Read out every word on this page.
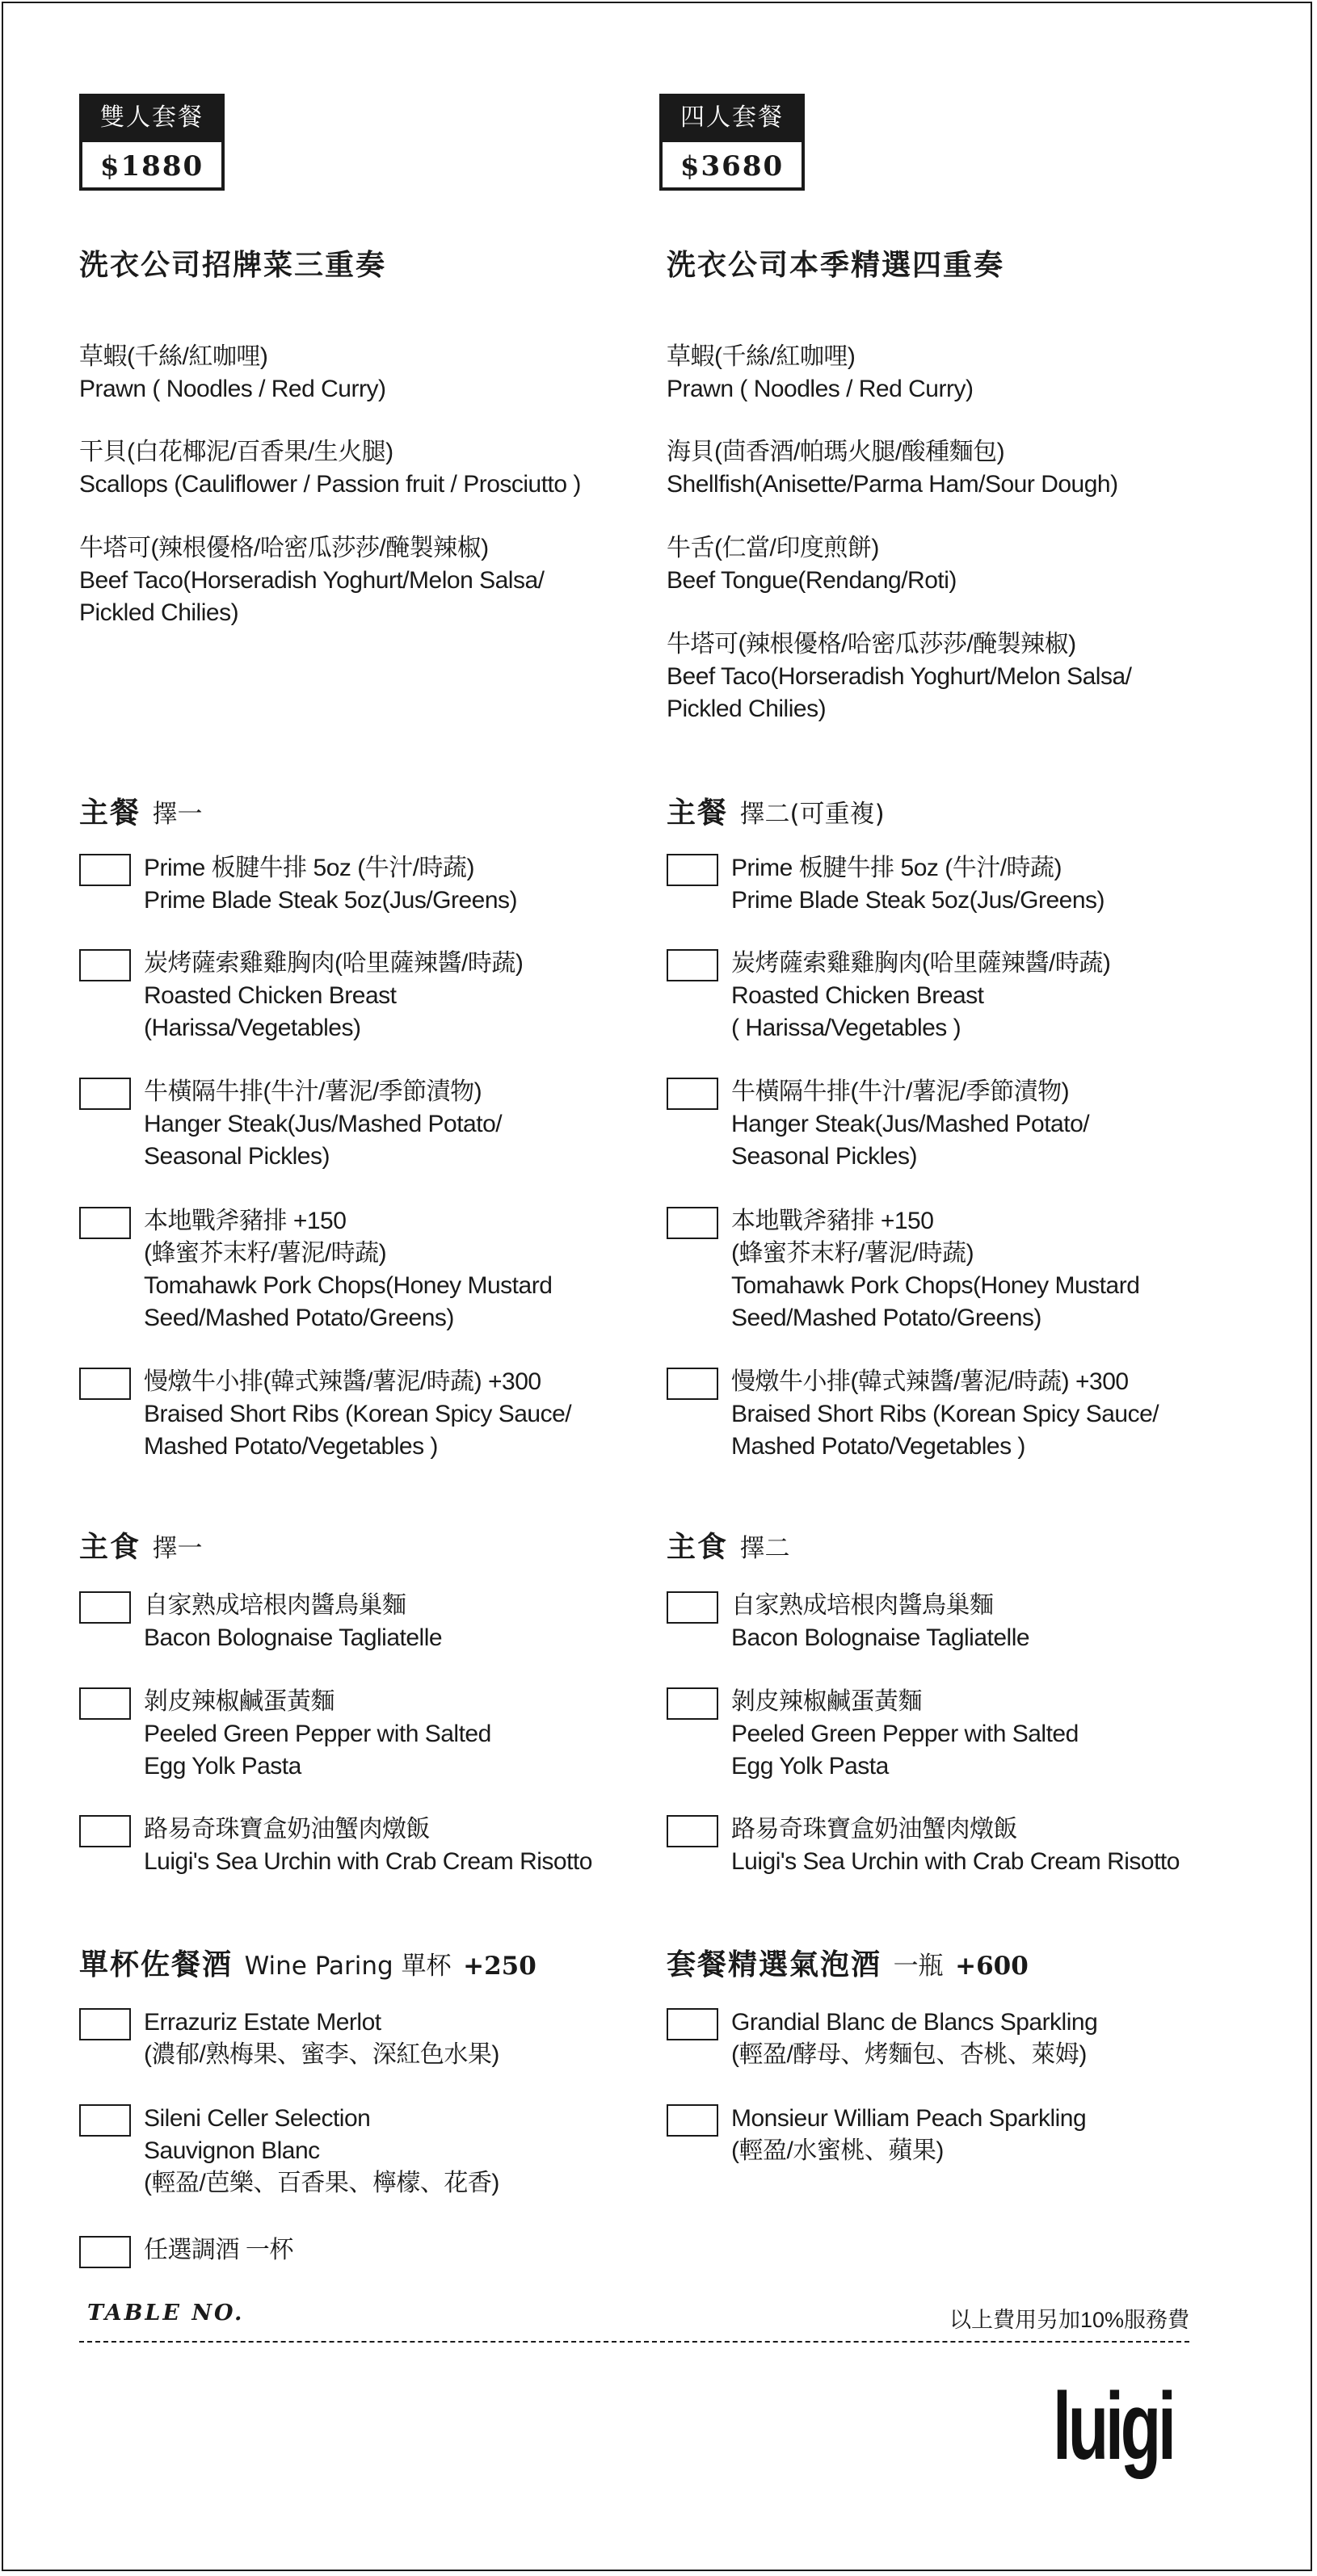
雙人套餐
$1880
洗衣公司招牌菜三重奏
草蝦(千絲/紅咖哩)
Prawn ( Noodles / Red Curry)
干貝(白花椰泥/百香果/生火腿)
Scallops (Cauliflower / Passion fruit / Prosciutto )
牛塔可(辣根優格/哈密瓜莎莎/醃製辣椒)
Beef Taco(Horseradish Yoghurt/Melon Salsa/
Pickled Chilies)
主餐 擇一
Prime 板腱牛排 5oz (牛汁/時蔬)
Prime Blade Steak 5oz(Jus/Greens)
炭烤薩索雞雞胸肉(哈里薩辣醬/時蔬)
Roasted Chicken Breast
(Harissa/Vegetables)
牛橫隔牛排(牛汁/薯泥/季節漬物)
Hanger Steak(Jus/Mashed Potato/
Seasonal Pickles)
本地戰斧豬排 +150
(蜂蜜芥末籽/薯泥/時蔬)
Tomahawk Pork Chops(Honey Mustard
Seed/Mashed Potato/Greens)
慢燉牛小排(韓式辣醬/薯泥/時蔬) +300
Braised Short Ribs (Korean Spicy Sauce/
Mashed Potato/Vegetables )
主食 擇一
自家熟成培根肉醬鳥巢麵
Bacon Bolognaise Tagliatelle
剝皮辣椒鹹蛋黃麵
Peeled Green Pepper with Salted
Egg Yolk Pasta
路易奇珠寶盒奶油蟹肉燉飯
Luigi's Sea Urchin with Crab Cream Risotto
單杯佐餐酒 Wine Paring 單杯 +250
Errazuriz Estate Merlot
(濃郁/熟梅果、蜜李、深紅色水果)
Sileni Celler Selection
Sauvignon Blanc
(輕盈/芭樂、百香果、檸檬、花香)
任選調酒 一杯
四人套餐
$3680
洗衣公司本季精選四重奏
草蝦(千絲/紅咖哩)
Prawn ( Noodles / Red Curry)
海貝(茴香酒/帕瑪火腿/酸種麵包)
Shellfish(Anisette/Parma Ham/Sour Dough)
牛舌(仁當/印度煎餅)
Beef Tongue(Rendang/Roti)
牛塔可(辣根優格/哈密瓜莎莎/醃製辣椒)
Beef Taco(Horseradish Yoghurt/Melon Salsa/
Pickled Chilies)
主餐 擇二(可重複)
Prime 板腱牛排 5oz (牛汁/時蔬)
Prime Blade Steak 5oz(Jus/Greens)
炭烤薩索雞雞胸肉(哈里薩辣醬/時蔬)
Roasted Chicken Breast
( Harissa/Vegetables )
牛橫隔牛排(牛汁/薯泥/季節漬物)
Hanger Steak(Jus/Mashed Potato/
Seasonal Pickles)
本地戰斧豬排 +150
(蜂蜜芥末籽/薯泥/時蔬)
Tomahawk Pork Chops(Honey Mustard
Seed/Mashed Potato/Greens)
慢燉牛小排(韓式辣醬/薯泥/時蔬) +300
Braised Short Ribs (Korean Spicy Sauce/
Mashed Potato/Vegetables )
主食 擇二
自家熟成培根肉醬鳥巢麵
Bacon Bolognaise Tagliatelle
剝皮辣椒鹹蛋黃麵
Peeled Green Pepper with Salted
Egg Yolk Pasta
路易奇珠寶盒奶油蟹肉燉飯
Luigi's Sea Urchin with Crab Cream Risotto
套餐精選氣泡酒 一瓶 +600
Grandial Blanc de Blancs Sparkling
(輕盈/酵母、烤麵包、杏桃、萊姆)
Monsieur William Peach Sparkling
(輕盈/水蜜桃、蘋果)
TABLE NO.	以上費用另加10%服務費
luigi
